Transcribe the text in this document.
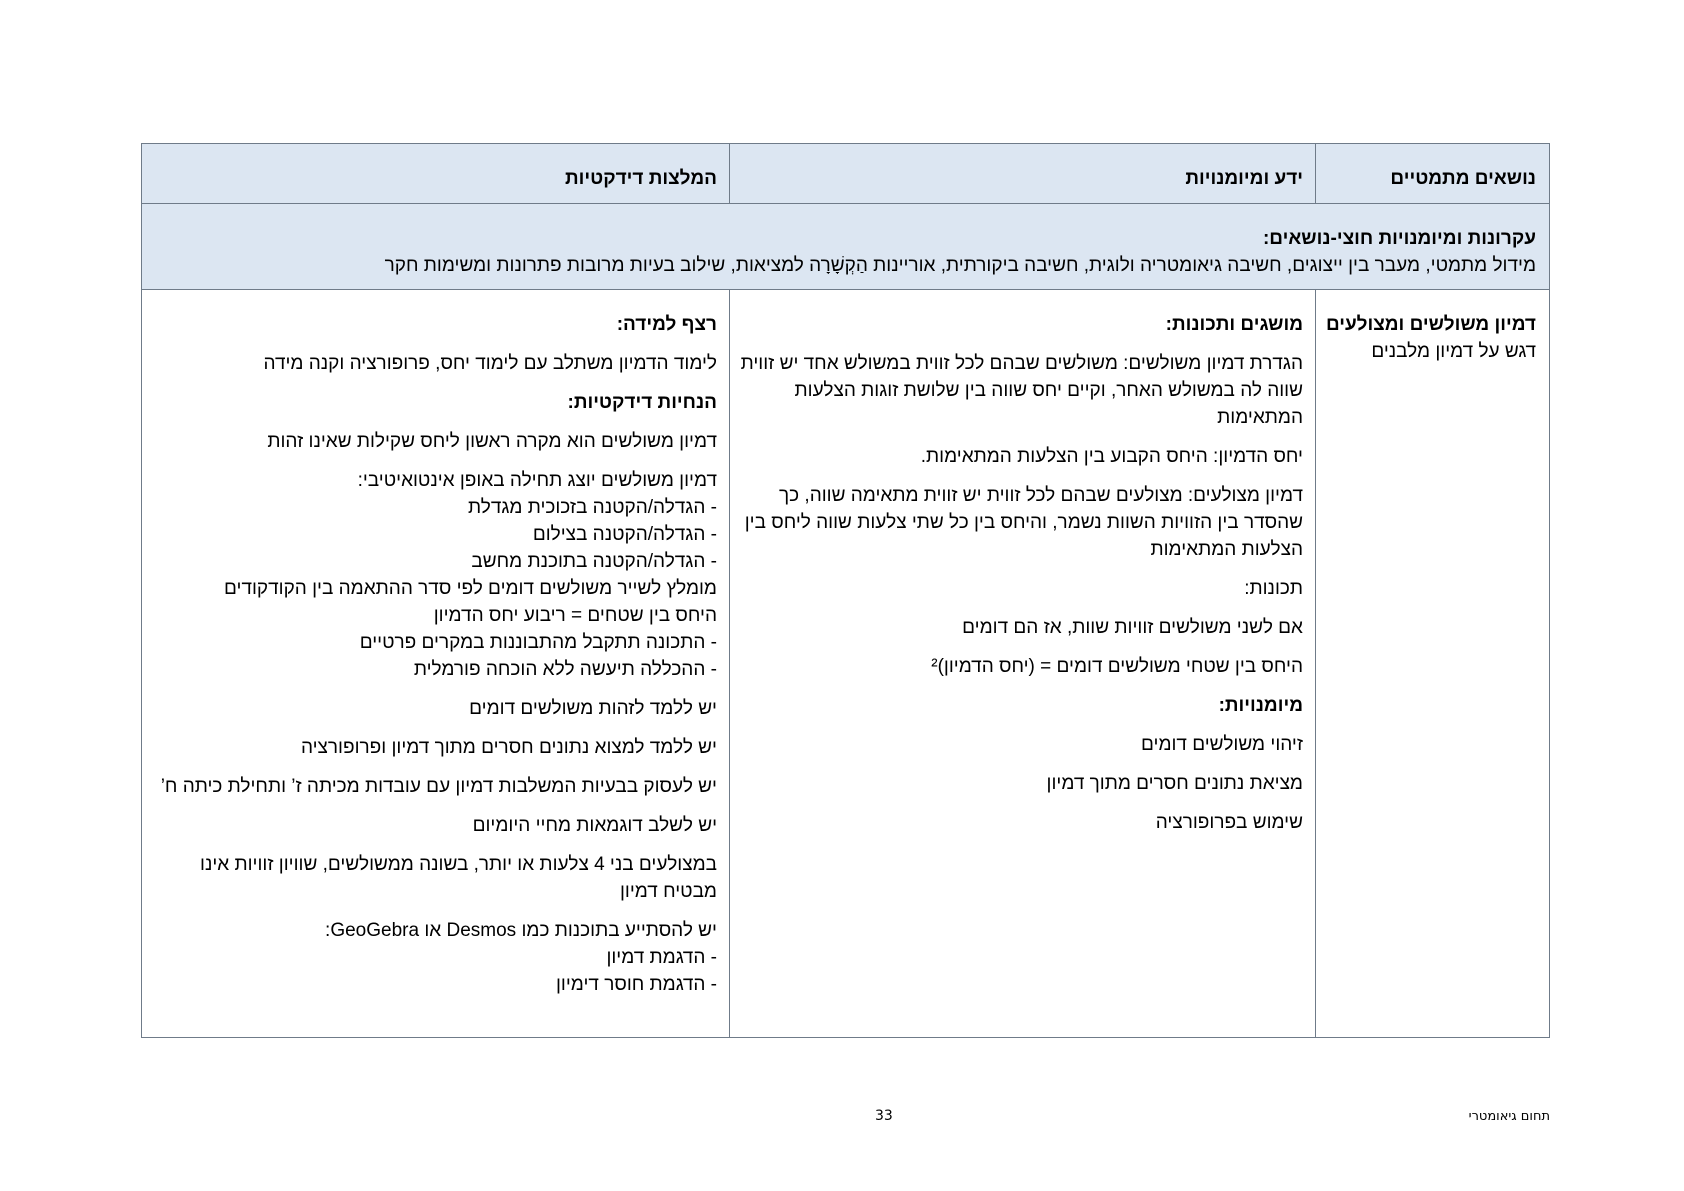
נושאים מתמטיים
ידע ומיומנויות
המלצות דידקטיות
עקרונות ומיומנויות חוצי-נושאים:
מידול מתמטי, מעבר בין ייצוגים, חשיבה גיאומטריה ולוגית, חשיבה ביקורתית, אוריינות הַקְשָׁרָה למציאות, שילוב בעיות מרובות פתרונות ומשימות חקר
דמיון משולשים ומצולעים
דגש על דמיון מלבנים
מושגים ותכונות:
הגדרת דמיון משולשים: משולשים שבהם לכל זווית במשולש אחד יש זווית שווה לה במשולש האחר, וקיים יחס שווה בין שלושת זוגות הצלעות המתאימות
יחס הדמיון: היחס הקבוע בין הצלעות המתאימות.
דמיון מצולעים: מצולעים שבהם לכל זווית יש זווית מתאימה שווה, כך שהסדר בין הזוויות השוות נשמר, והיחס בין כל שתי צלעות שווה ליחס בין הצלעות המתאימות
תכונות:
אם לשני משולשים זוויות שוות, אז הם דומים
היחס בין שטחי משולשים דומים = (יחס הדמיון)²
מיומנויות:
זיהוי משולשים דומים
מציאת נתונים חסרים מתוך דמיון
שימוש בפרופורציה
רצף למידה:
לימוד הדמיון משתלב עם לימוד יחס, פרופורציה וקנה מידה
הנחיות דידקטיות:
דמיון משולשים הוא מקרה ראשון ליחס שקילות שאינו זהות
דמיון משולשים יוצג תחילה באופן אינטואיטיבי:
- הגדלה/הקטנה בזכוכית מגדלת
- הגדלה/הקטנה בצילום
- הגדלה/הקטנה בתוכנת מחשב
מומלץ לשייר משולשים דומים לפי סדר ההתאמה בין הקודקודים
היחס בין שטחים = ריבוע יחס הדמיון
- התכונה תתקבל מהתבוננות במקרים פרטיים
- ההכללה תיעשה ללא הוכחה פורמלית
יש ללמד לזהות משולשים דומים
יש ללמד למצוא נתונים חסרים מתוך דמיון ופרופורציה
יש לעסוק בבעיות המשלבות דמיון עם עובדות מכיתה ז’ ותחילת כיתה ח’
יש לשלב דוגמאות מחיי היומיום
במצולעים בני 4 צלעות או יותר, בשונה ממשולשים, שוויון זוויות אינו מבטיח דמיון
יש להסתייע בתוכנות כמו Desmos או GeoGebra:
- הדגמת דמיון
- הדגמת חוסר דימיון
33	תחום גיאומטרי
